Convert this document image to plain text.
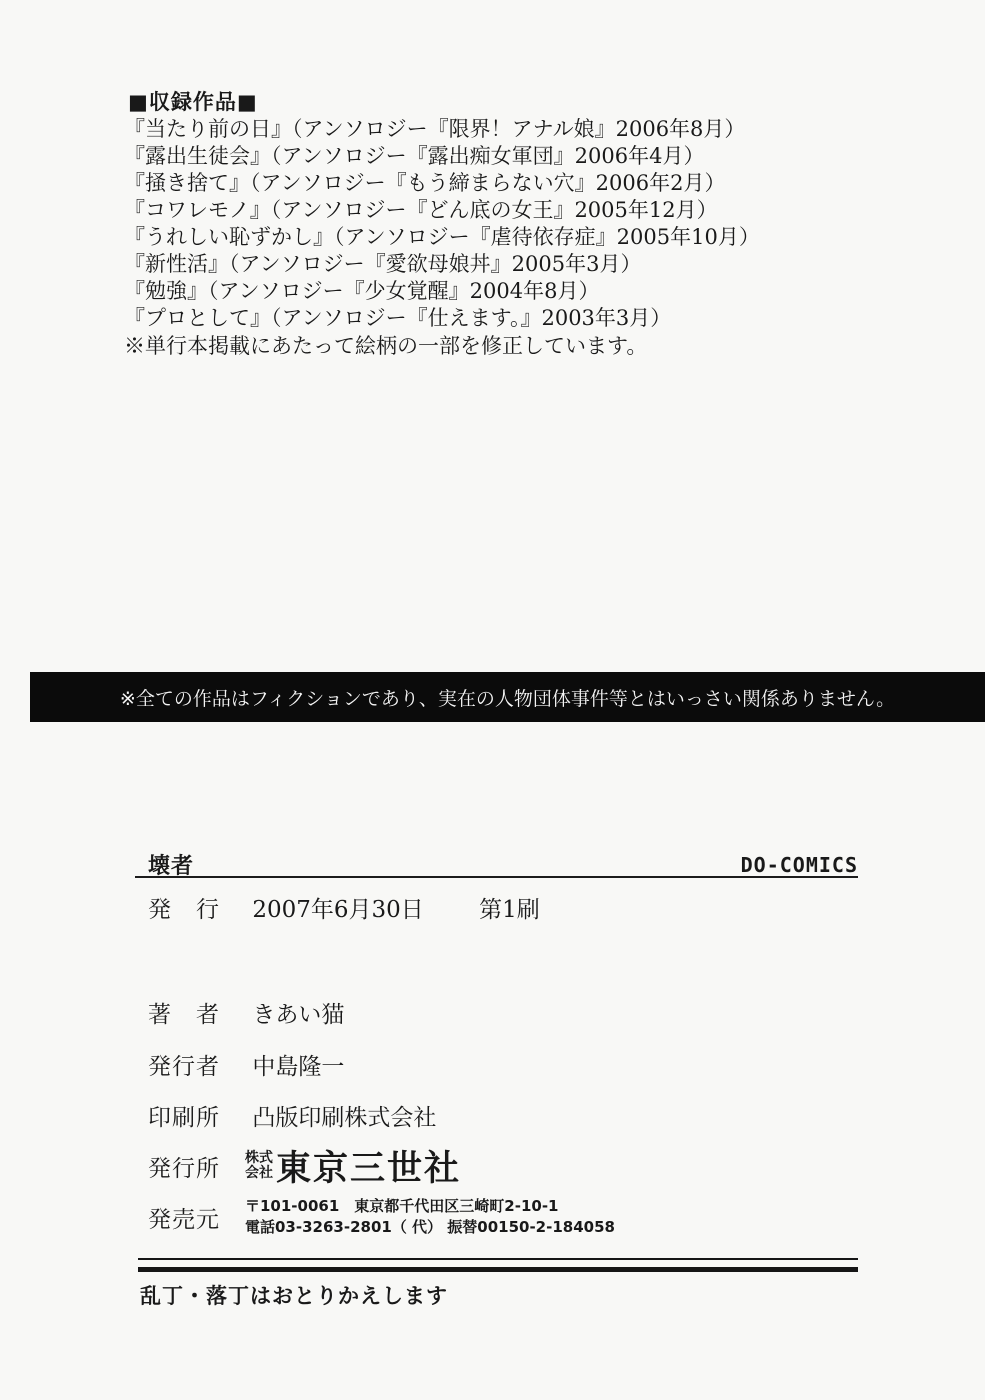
■収録作品■
『当たり前の日』（アンソロジー『限界！アナル娘』2006年8月）
『露出生徒会』（アンソロジー『露出痴女軍団』2006年4月）
『掻き捨て』（アンソロジー『もう締まらない穴』2006年2月）
『コワレモノ』（アンソロジー『どん底の女王』2005年12月）
『うれしい恥ずかし』（アンソロジー『虐待依存症』2005年10月）
『新性活』（アンソロジー『愛欲母娘丼』2005年3月）
『勉強』（アンソロジー『少女覚醒』2004年8月）
『プロとして』（アンソロジー『仕えます。』2003年3月）
※単行本掲載にあたって絵柄の一部を修正しています。
※全ての作品はフィクションであり、実在の人物団体事件等とはいっさい関係ありません。
壊者	DO-COMICS
発　行 2007年6月30日 第1刷
著　者 きあい猫
発行者 中島隆一
印刷所 凸版印刷株式会社
発行所	株式
会社 東京三世社
発売元
〒101-0061　東京都千代田区三崎町2-10-1
電話03-3263-2801（ 代） 振替00150-2-184058
乱丁・落丁はおとりかえします
